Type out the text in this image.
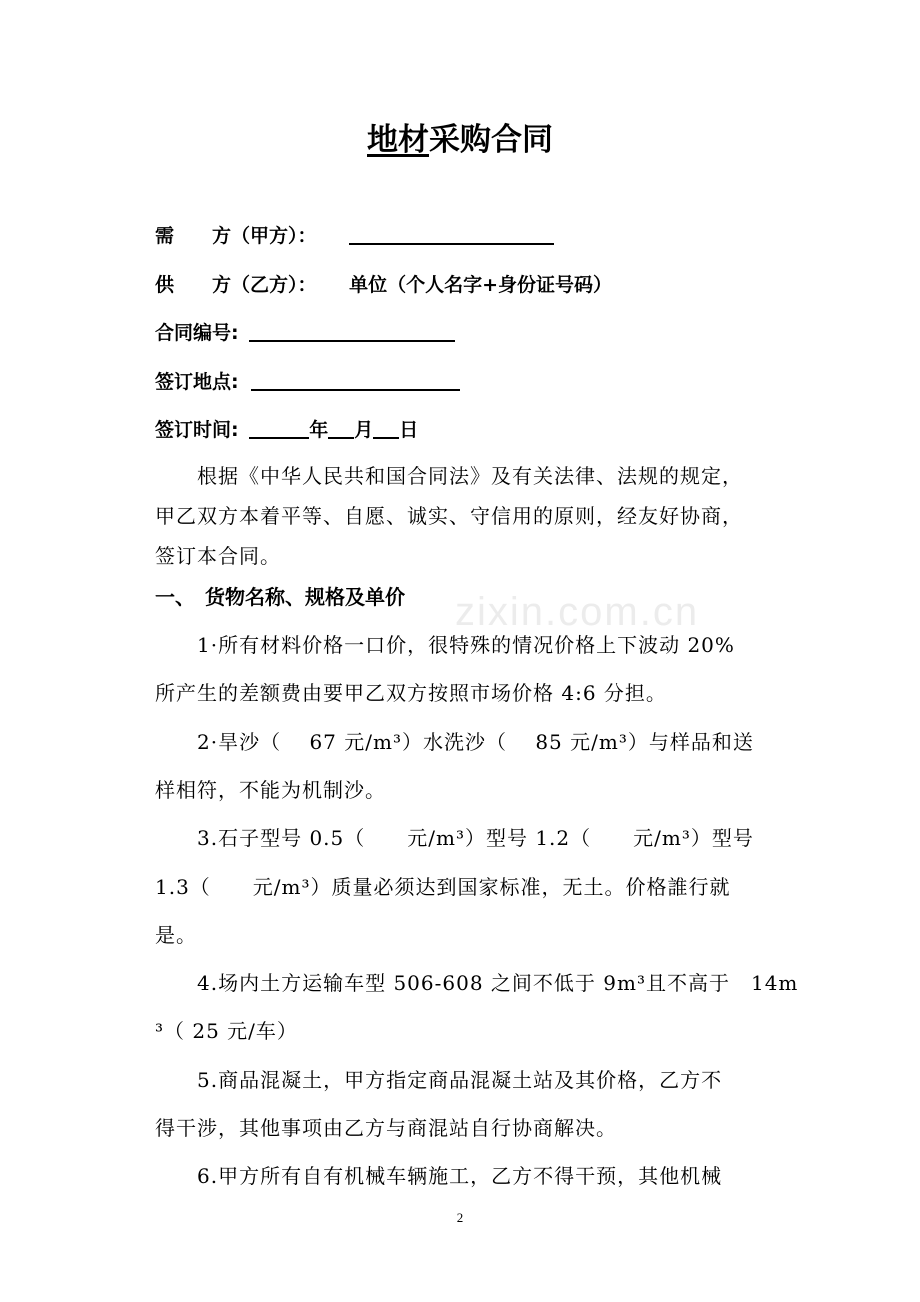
zixin.com.cn
地材采购合同
需　　方（甲方）：
供　　方（乙方）： 单位（个人名字+身份证号码）
合同编号:
签订地点:
签订时间:	年 月 日
　　根据《中华人民共和国合同法》及有关法律、法规的规定，
甲乙双方本着平等、自愿、诚实、守信用的原则，经友好协商，
签订本合同。
一、　货物名称、规格及单价
　　1·所有材料价格一口价，很特殊的情况价格上下波动 20%
所产生的差额费由要甲乙双方按照市场价格 4:6 分担。
　　2·旱沙（　 67 元/m³）水洗沙（　 85 元/m³）与样品和送
样相符，不能为机制沙。
　　3.石子型号 0.5（　　元/m³）型号 1.2（　　元/m³）型号
1.3（　　元/m³）质量必须达到国家标准，无土。价格誰行就
是。
　　4.场内土方运输车型 506-608 之间不低于 9m³且不高于　14m
³（ 25 元/车）
　　5.商品混凝土，甲方指定商品混凝土站及其价格，乙方不
得干涉，其他事项由乙方与商混站自行协商解决。
　　6.甲方所有自有机械车辆施工，乙方不得干预，其他机械
2
